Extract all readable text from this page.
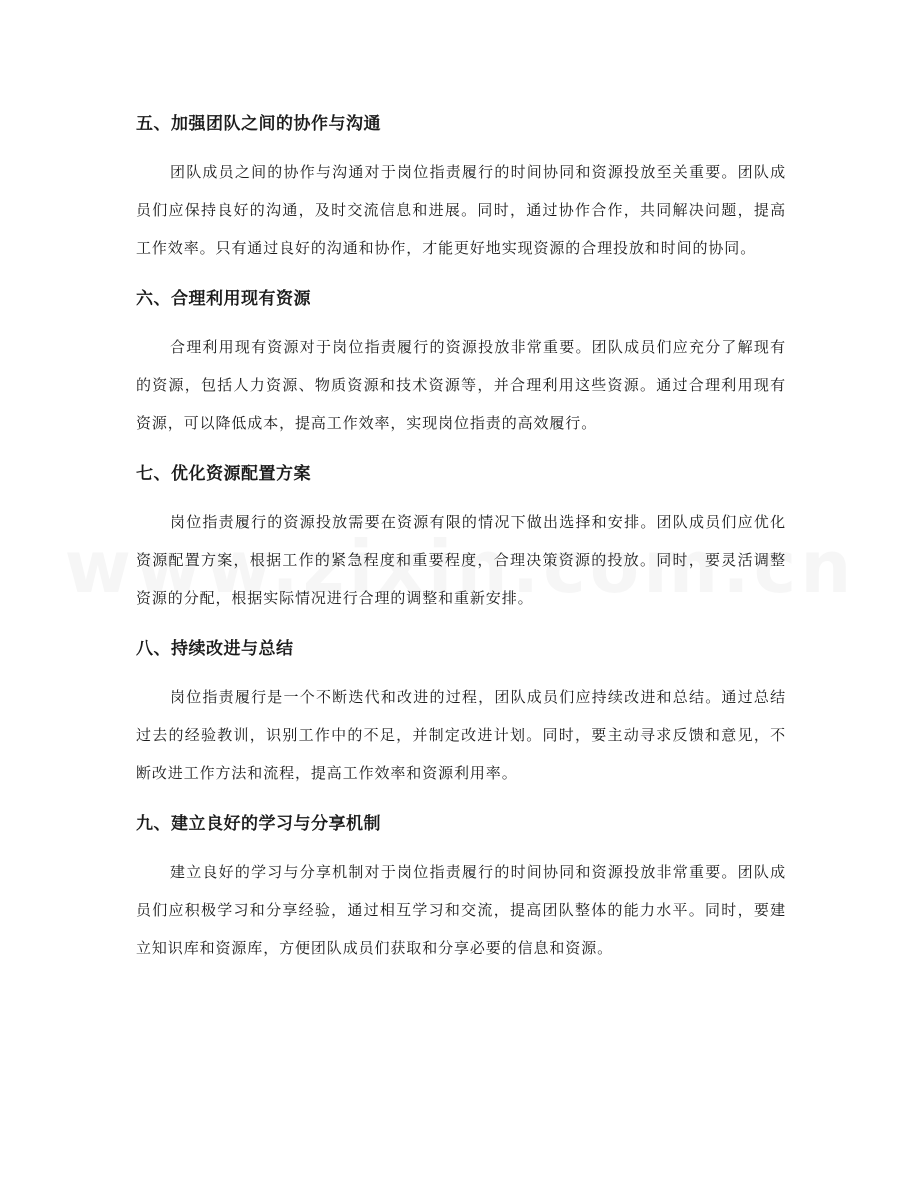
五、加强团队之间的协作与沟通

团队成员之间的协作与沟通对于岗位指责履行的时间协同和资源投放至关重要。团队成员们应保持良好的沟通，及时交流信息和进展。同时，通过协作合作，共同解决问题，提高工作效率。只有通过良好的沟通和协作，才能更好地实现资源的合理投放和时间的协同。

六、合理利用现有资源

合理利用现有资源对于岗位指责履行的资源投放非常重要。团队成员们应充分了解现有的资源，包括人力资源、物质资源和技术资源等，并合理利用这些资源。通过合理利用现有资源，可以降低成本，提高工作效率，实现岗位指责的高效履行。

七、优化资源配置方案

岗位指责履行的资源投放需要在资源有限的情况下做出选择和安排。团队成员们应优化资源配置方案，根据工作的紧急程度和重要程度，合理决策资源的投放。同时，要灵活调整资源的分配，根据实际情况进行合理的调整和重新安排。

八、持续改进与总结

岗位指责履行是一个不断迭代和改进的过程，团队成员们应持续改进和总结。通过总结过去的经验教训，识别工作中的不足，并制定改进计划。同时，要主动寻求反馈和意见，不断改进工作方法和流程，提高工作效率和资源利用率。

九、建立良好的学习与分享机制

建立良好的学习与分享机制对于岗位指责履行的时间协同和资源投放非常重要。团队成员们应积极学习和分享经验，通过相互学习和交流，提高团队整体的能力水平。同时，要建立知识库和资源库，方便团队成员们获取和分享必要的信息和资源。
